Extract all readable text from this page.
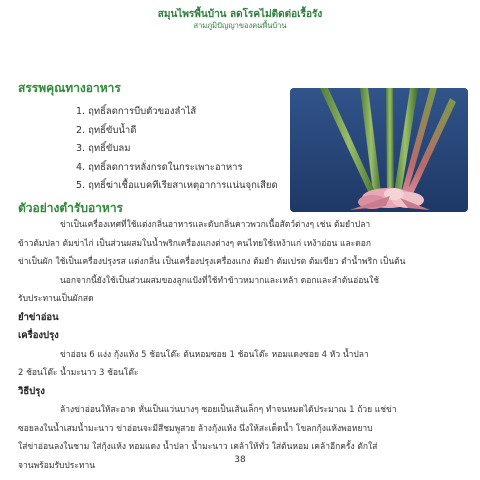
สมุนไพรพื้นบ้าน ลดโรคไม่ติดต่อเรื้อรัง
สามภูมิปัญญาของคนพื้นบ้าน
สรรพคุณทางอาหาร
1. ฤทธิ์ลดการบีบตัวของลำไส้
2. ฤทธิ์ขับน้ำดี
3. ฤทธิ์ขับลม
4. ฤทธิ์ลดการหลั่งกรดในกระเพาะอาหาร
5. ฤทธิ์ฆ่าเชื้อแบคทีเรียสาเหตุอาการแน่นจุกเสียด
ตัวอย่างตำรับอาหาร
ข่าเป็นเครื่องเทศที่ใช้แต่งกลิ่นอาหารและดับกลิ่นคาวพวกเนื้อสัตว์ต่างๆ เช่น ต้มยำปลา
ข้าวต้มปลา ต้มข่าไก่ เป็นส่วนผสมในน้ำพริกเครื่องแกงต่างๆ คนไทยใช้เหง้าแก่ เหง้าอ่อน และดอก
ข่าเป็นผัก ใช้เป็นเครื่องปรุงรส แต่งกลิ่น เป็นเครื่องปรุงเครื่องแกง ต้มยำ ต้มเปรต ต้มเขียว ตำน้ำพริก เป็นต้น
นอกจากนี้ยังใช้เป็นส่วนผสมของลูกแป้งที่ใช้ทำข้าวหมากและเหล้า ดอกและลำต้นอ่อนใช้
รับประทานเป็นผักสด
ยำข่าอ่อน
เครื่องปรุง
ข่าอ่อน 6 แง่ง กุ้งแห้ง 5 ช้อนโต๊ะ ต้นหอมซอย 1 ช้อนโต๊ะ หอมแดงซอย 4 หัว น้ำปลา
2 ช้อนโต๊ะ น้ำมะนาว 3 ช้อนโต๊ะ
วิธีปรุง
ล้างข่าอ่อนให้สะอาด หั่นเป็นแว่นบางๆ ซอยเป็นเส้นเล็กๆ ทำจนหมดได้ประมาณ 1 ถ้วย แช่ข่า
ซอยลงในน้ำเสมน้ำมะนาว ข่าอ่อนจะมีสีชมพูสวย ล้างกุ้งแห้ง นึ่งให้สะเด็ดน้ำ โขลกกุ้งแห้งพอหยาบ
ใส่ข่าอ่อนลงในชาม ใส่กุ้งแห้ง หอมแดง น้ำปลา น้ำมะนาว เคล้าให้ทั่ว ใส่ต้นหอม เคล้าอีกครั้ง ตักใส่
จานพร้อมรับประทาน
38
